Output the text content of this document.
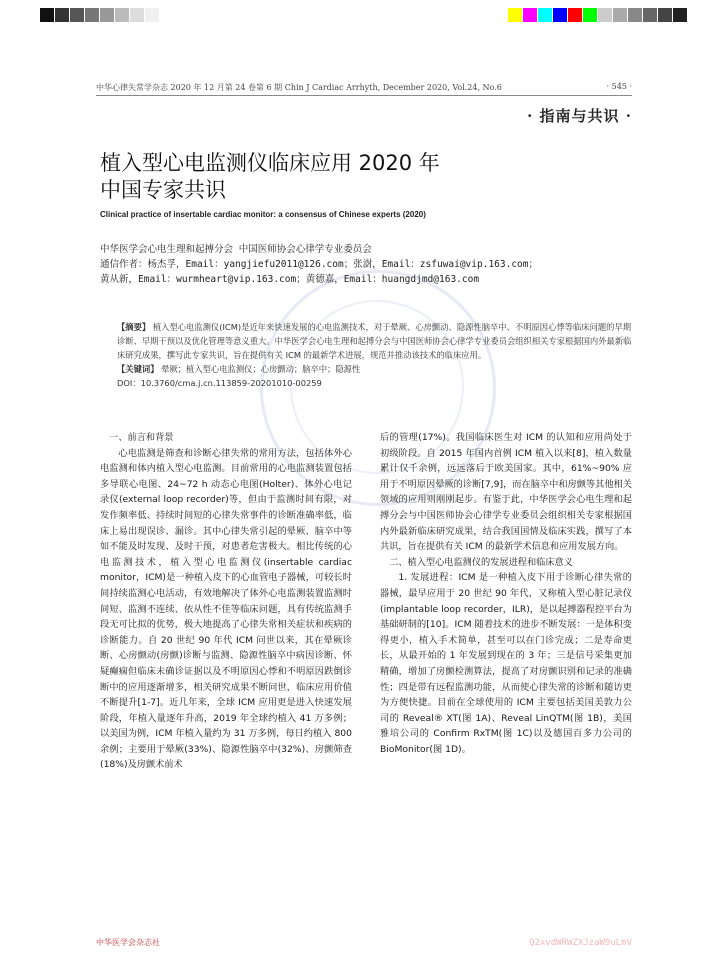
中华心律失常学杂志 2020 年 12 月第 24 卷第 6 期 Chin J Cardiac Arrhyth, December 2020, Vol.24, No.6	· 545 ·
· 指南与共识 ·
植入型心电监测仪临床应用 2020 年
中国专家共识
Clinical practice of insertable cardiac monitor: a consensus of Chinese experts (2020)
中华医学会心电生理和起搏分会 中国医师协会心律学专业委员会
通信作者：杨杰孚，Email：yangjiefu2011@126.com；张澍，Email：zsfuwai@vip.163.com；
黄从新，Email：wurmheart@vip.163.com；黄德嘉，Email：huangdjmd@163.com
【摘要】 植入型心电监测仪(ICM)是近年来快速发展的心电监测技术，对于晕厥、心房颤动、隐源性脑卒中、不明原因心悸等临床问题的早期诊断、早期干预以及优化管理等意义重大。中华医学会心电生理和起搏分会与中国医师协会心律学专业委员会组织相关专家根据国内外最新临床研究成果，撰写此专家共识，旨在提供有关 ICM 的最新学术进展，规范并推动该技术的临床应用。
【关键词】 晕厥；植入型心电监测仪；心房颤动；脑卒中；隐源性
DOI：10.3760/cma.j.cn.113859-20201010-00259

一、前言和背景

心电监测是筛查和诊断心律失常的常用方法，包括体外心电监测和体内植入型心电监测。目前常用的心电监测装置包括多导联心电图、24~72 h 动态心电图(Holter)、体外心电记录仪(external loop recorder)等，但由于监测时间有限，对发作频率低、持续时间短的心律失常事件的诊断准确率低，临床上易出现误诊、漏诊。其中心律失常引起的晕厥、脑卒中等如不能及时发现、及时干预，对患者危害极大。相比传统的心电监测技术，植入型心电监测仪(insertable cardiac monitor，ICM)是一种植入皮下的心血管电子器械，可较长时间持续监测心电活动，有效地解决了体外心电监测装置监测时间短、监测不连续、依从性不佳等临床问题，具有传统监测手段无可比拟的优势，极大地提高了心律失常相关症状和疾病的诊断能力。自 20 世纪 90 年代 ICM 问世以来，其在晕厥诊断、心房颤动(房颤)诊断与监测、隐源性脑卒中病因诊断、怀疑癫痫但临床未确诊证据以及不明原因心悸和不明原因跌倒诊断中的应用逐渐增多，相关研究成果不断问世，临床应用价值不断提升[1-7]。近几年来，全球 ICM 应用更是进入快速发展阶段，年植入量逐年升高，2019 年全球约植入 41 万多例；以美国为例，ICM 年植入量约为 31 万多例，每日约植入 800 余例；主要用于晕厥(33%)、隐源性脑卒中(32%)、房颤筛查(18%)及房颤术前术

后的管理(17%)。我国临床医生对 ICM 的认知和应用尚处于初级阶段。自 2015 年国内首例 ICM 植入以来[8]，植入数量累计仅千余例，远远落后于欧美国家。其中，61%~90% 应用于不明原因晕厥的诊断[7,9]，而在脑卒中和房颤等其他相关领域的应用则刚刚起步。有鉴于此，中华医学会心电生理和起搏分会与中国医师协会心律学专业委员会组织相关专家根据国内外最新临床研究成果，结合我国国情及临床实践，撰写了本共识，旨在提供有关 ICM 的最新学术信息和应用发展方向。

二、植入型心电监测仪的发展进程和临床意义

1. 发展进程：ICM 是一种植入皮下用于诊断心律失常的器械，最早应用于 20 世纪 90 年代，又称植入型心脏记录仪(implantable loop recorder，ILR)，是以起搏器程控平台为基础研制的[10]。ICM 随着技术的进步不断发展：一是体积变得更小，植入手术简单，甚至可以在门诊完成；二是寿命更长，从最开始的 1 年发展到现在的 3 年；三是信号采集更加精确，增加了房颤检测算法，提高了对房颤识别和记录的准确性；四是带有远程监测功能，从而使心律失常的诊断和随访更为方便快捷。目前在全球使用的 ICM 主要包括美国美敦力公司的 Reveal® XT(图 1A)、Reveal LinQTM(图 1B)，美国雅培公司的 Confirm RxTM(图 1C)以及德国百多力公司的 BioMonitor(图 1D)。

中华医学会杂志社	Q2xvdWRWZXJzaW9uLmV
